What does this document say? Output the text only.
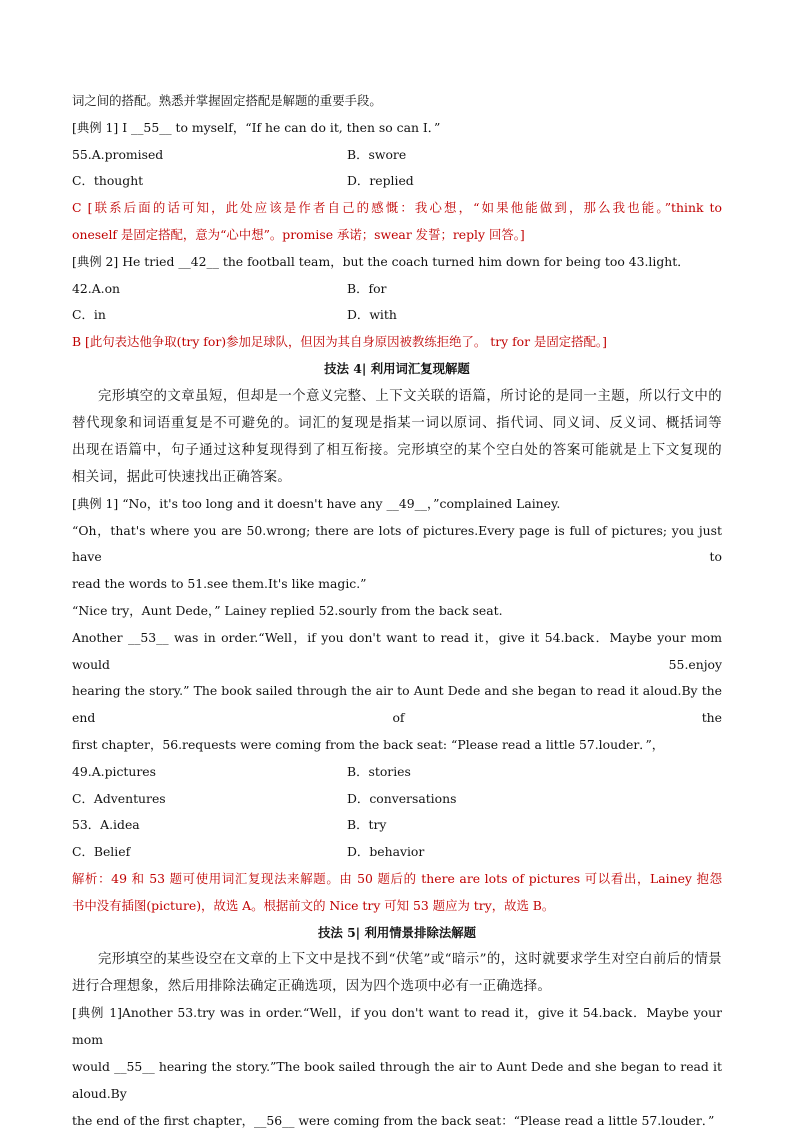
词之间的搭配。熟悉并掌握固定搭配是解题的重要手段。
[典例 1] I __55__ to myself，“If he can do it, then so can I．”
55.A.promised	B．swore
C．thought	D．replied
C [联系后面的话可知，此处应该是作者自己的感慨：我心想，“如果他能做到，那么我也能。”think to
oneself 是固定搭配，意为“心中想”。promise 承诺；swear 发誓；reply 回答。]
[典例 2] He tried __42__ the football team，but the coach turned him down for being too 43.light．
42.A.on	B．for
C．in	D．with
B [此句表达他争取(try for)参加足球队，但因为其自身原因被教练拒绝了。 try for 是固定搭配。]
技法 4| 利用词汇复现解题
完形填空的文章虽短，但却是一个意义完整、上下文关联的语篇，所讨论的是同一主题，所以行文中的
替代现象和词语重复是不可避免的。词汇的复现是指某一词以原词、指代词、同义词、反义词、概括词等
出现在语篇中，句子通过这种复现得到了相互衔接。完形填空的某个空白处的答案可能就是上下文复现的
相关词，据此可快速找出正确答案。
[典例 1] “No，it's too long and it doesn't have any __49__，”complained Lainey.
“Oh，that's where you are 50.wrong; there are lots of pictures.Every page is full of pictures; you just have to
read the words to 51.see them.It's like magic.”
“Nice try，Aunt Dede，” Lainey replied 52.sourly from the back seat.
Another __53__ was in order.“Well，if you don't want to read it，give it 54.back．Maybe your mom would 55.enjoy
hearing the story.” The book sailed through the air to Aunt Dede and she began to read it aloud.By the end of the
first chapter，56.requests were coming from the back seat: “Please read a little 57.louder．”，
49.A.pictures	B．stories
C．Adventures	D．conversations
53．A.idea	B．try
C．Belief	D．behavior
解析：49 和 53 题可使用词汇复现法来解题。由 50 题后的 there are lots of pictures 可以看出，Lainey 抱怨
书中没有插图(picture)，故选 A。根据前文的 Nice try 可知 53 题应为 try，故选 B。
技法 5| 利用情景排除法解题
完形填空的某些设空在文章的上下文中是找不到“伏笔”或“暗示”的，这时就要求学生对空白前后的情景
进行合理想象，然后用排除法确定正确选项，因为四个选项中必有一正确选择。
[典例 1]Another 53.try was in order.“Well，if you don't want to read it，give it 54.back．Maybe your mom
would __55__ hearing the story.”The book sailed through the air to Aunt Dede and she began to read it aloud.By
the end of the first chapter，__56__ were coming from the back seat：“Please read a little 57.louder．”
